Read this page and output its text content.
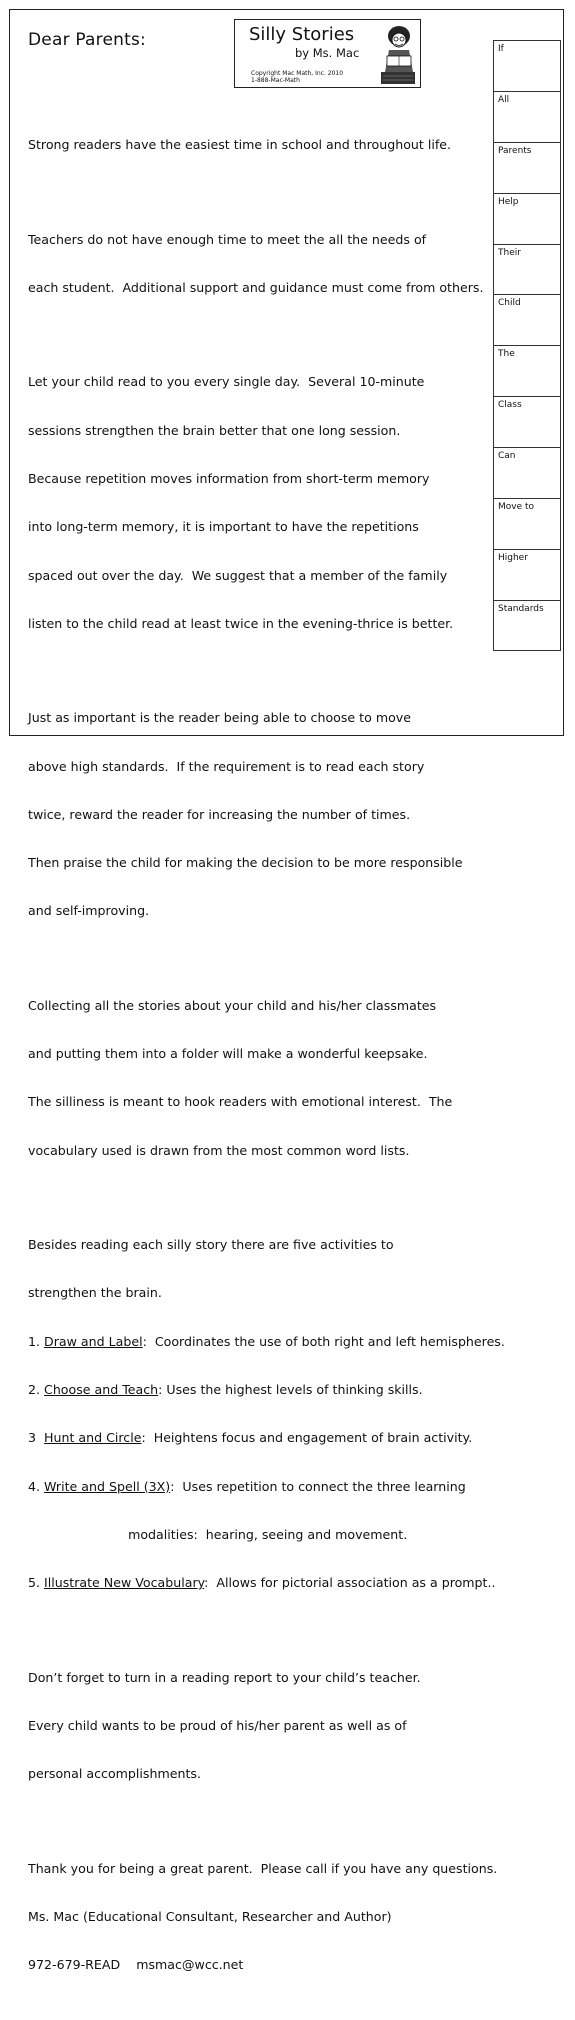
Dear Parents:	Silly Stories
by Ms. Mac
Copyright Mac Math, Inc. 2010
1-888-Mac-Math
If
All
Parents
Help
Their
Child
The
Class
Can
Move to
Higher
Standards

Strong readers have the easiest time in school and throughout life.

Teachers do not have enough time to meet the all the needs of

each student.  Additional support and guidance must come from others.

Let your child read to you every single day.  Several 10-minute

sessions strengthen the brain better that one long session.

Because repetition moves information from short-term memory

into long-term memory, it is important to have the repetitions

spaced out over the day.  We suggest that a member of the family

listen to the child read at least twice in the evening-thrice is better.

Just as important is the reader being able to choose to move

above high standards.  If the requirement is to read each story

twice, reward the reader for increasing the number of times.

Then praise the child for making the decision to be more responsible

and self-improving.

Collecting all the stories about your child and his/her classmates

and putting them into a folder will make a wonderful keepsake.

The silliness is meant to hook readers with emotional interest.  The

vocabulary used is drawn from the most common word lists.

Besides reading each silly story there are five activities to

strengthen the brain.

1. Draw and Label:  Coordinates the use of both right and left hemispheres.

2. Choose and Teach: Uses the highest levels of thinking skills.

3  Hunt and Circle:  Heightens focus and engagement of brain activity.

4. Write and Spell (3X):  Uses repetition to connect the three learning

modalities:  hearing, seeing and movement.

5. Illustrate New Vocabulary:  Allows for pictorial association as a prompt..

Don’t forget to turn in a reading report to your child’s teacher.

Every child wants to be proud of his/her parent as well as of

personal accomplishments.

Thank you for being a great parent.  Please call if you have any questions.

Ms. Mac (Educational Consultant, Researcher and Author)

972-679-READ    msmac@wcc.net
